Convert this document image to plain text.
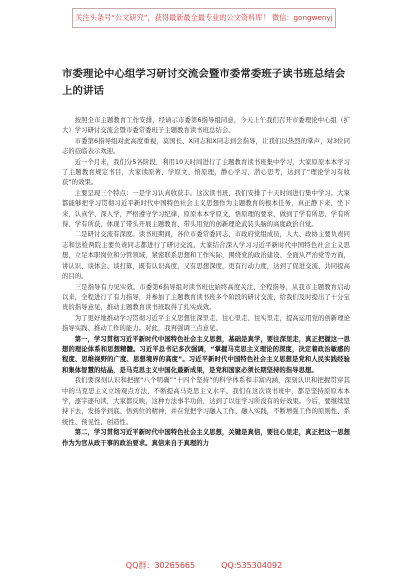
关注头条号“公文研究”，获得最新最全最专业的公文资料库！ 微信：gongwenyj
市委理论中心组学习研讨交流会暨市委常委班子读书班总结会上的讲话

按照全市主题教育工作安排，经请示市委第6指导组同意，今天上午我们召开市委理论中心组（扩大）学习研讨交流会暨市委常委班子主题教育读书班总结会。

市委第6指导组对此高度重视，莫国长、X同志和X同志到会指导，让我们以热烈的掌声，对3位同志的莅临表示欢迎。

近一个月来，我们分5各阶段，利用10天时间进行了主题教育读书班集中学习，大家原原本本学习了主题教育规定书目，大家读原著、学原文、悟原理，静心学习、潜心思考，达到了“理论学习有收获”的效果。

主要呈现三个特点：一是学习认真收获丰。这次读书班，我们安排了十天时间进行集中学习。大家都能够把学习贯彻习近平新时代中国特色社会主义思想作为主题教育的根本任务，真正静下来、坐下来，认真学、深入学，严格遵守学习纪律，原原本本学原文、悟原理的要求，做到了学有所思、学有所得、学有所获，体现了带头开展主题教育、带头用党的创新理论武装头脑的高度政治自觉。

二是研讨交流有深度。读书班期间，各位市委常委同志，市政府党组成员，人大、政协主要负责同志和法检两院主要负责同志都进行了研讨交流。大家结合深入学习习近平新时代中国特色社会主义思想，立足本职岗位和分管领域，紧密联系思想和工作实际，围绕党的政治建设、全面从严治党等方面，讲认识、谈体会、谈打算，既有认识高度，又有思想深度，更有行动力度，达到了促进交流、共同提高的目的。

三是指导有力见实效。市委第6指导组对读书班也始终高度关注、全程指导，从我市主题教育启动以来，全程进行了有力指导，并参加了主题教育读书班多个阶段的研讨交流，给我们及时提出了十分宝贵的指导意见，推动主题教育读书班取得了扎实成效。

为了更好地推动学习贯彻习近平主义思想往深里走、往心里走、往实里走，提高运用党的创新理论指导实践、推动工作的能力。对此，我再强调三点意见。

第一，学习贯彻习近平新时代中国特色社会主义思想，基础是真学，要往深里走，真正把握这一思想的理论体系和思想精髓。习近平总书记多次强调，“掌握马克思主义理论的深度，决定着政治敏感的程度、思维视野的广度、思想境界的高度”。习近平新时代中国特色社会主义思想是党和人民实践经验和集体智慧的结晶，是马克思主义中国化最新成果，是党和国家必须长期坚持的指导思想。

我们要深刻认识和把握“八个明确”“十四个坚持”的科学体系和丰富内涵，深刻认识和把握贯穿其中的马克思主义立场观点方法，不断提高马克思主义水平。我们在这次读书班中，都是坚持原原本本学，逐字逐句读，大家都反映，这种方法事半功倍，达到了以往学习所没有的好效果。今后，要继续坚持下去，发扬学到底、悟到位的精神，并在党把学习融入工作、融入实践，不断增强工作的原则性、系统性、预见性、创造性。

第二，学习贯彻习近平新时代中国特色社会主义思想，关键是真信，要往心里走，真正把这一思想作为为官从政干事的政治要求。真信来自于真理的力

QQ群：30265665	QQ:535304092
